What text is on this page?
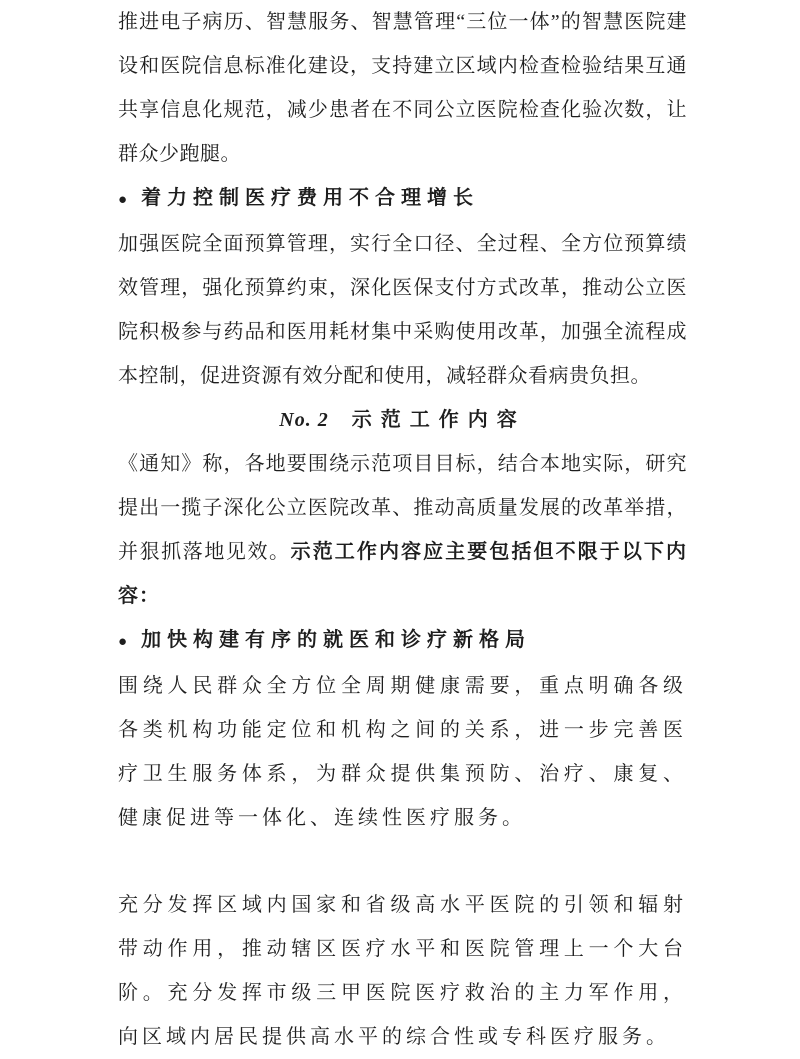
推进电子病历、智慧服务、智慧管理“三位一体”的智慧医院建设和医院信息标准化建设，支持建立区域内检查检验结果互通共享信息化规范，减少患者在不同公立医院检查化验次数，让群众少跑腿。

● 着力控制医疗费用不合理增长

加强医院全面预算管理，实行全口径、全过程、全方位预算绩效管理，强化预算约束，深化医保支付方式改革，推动公立医院积极参与药品和医用耗材集中采购使用改革，加强全流程成本控制，促进资源有效分配和使用，减轻群众看病贵负担。

No. 2 示范工作内容

《通知》称，各地要围绕示范项目目标，结合本地实际，研究提出一揽子深化公立医院改革、推动高质量发展的改革举措，并狠抓落地见效。示范工作内容应主要包括但不限于以下内容：

● 加快构建有序的就医和诊疗新格局

围绕人民群众全方位全周期健康需要，重点明确各级各类机构功能定位和机构之间的关系，进一步完善医疗卫生服务体系，为群众提供集预防、治疗、康复、健康促进等一体化、连续性医疗服务。

充分发挥区域内国家和省级高水平医院的引领和辐射带动作用，推动辖区医疗水平和医院管理上一个大台阶。充分发挥市级三甲医院医疗救治的主力军作用，向区域内居民提供高水平的综合性或专科医疗服务。
